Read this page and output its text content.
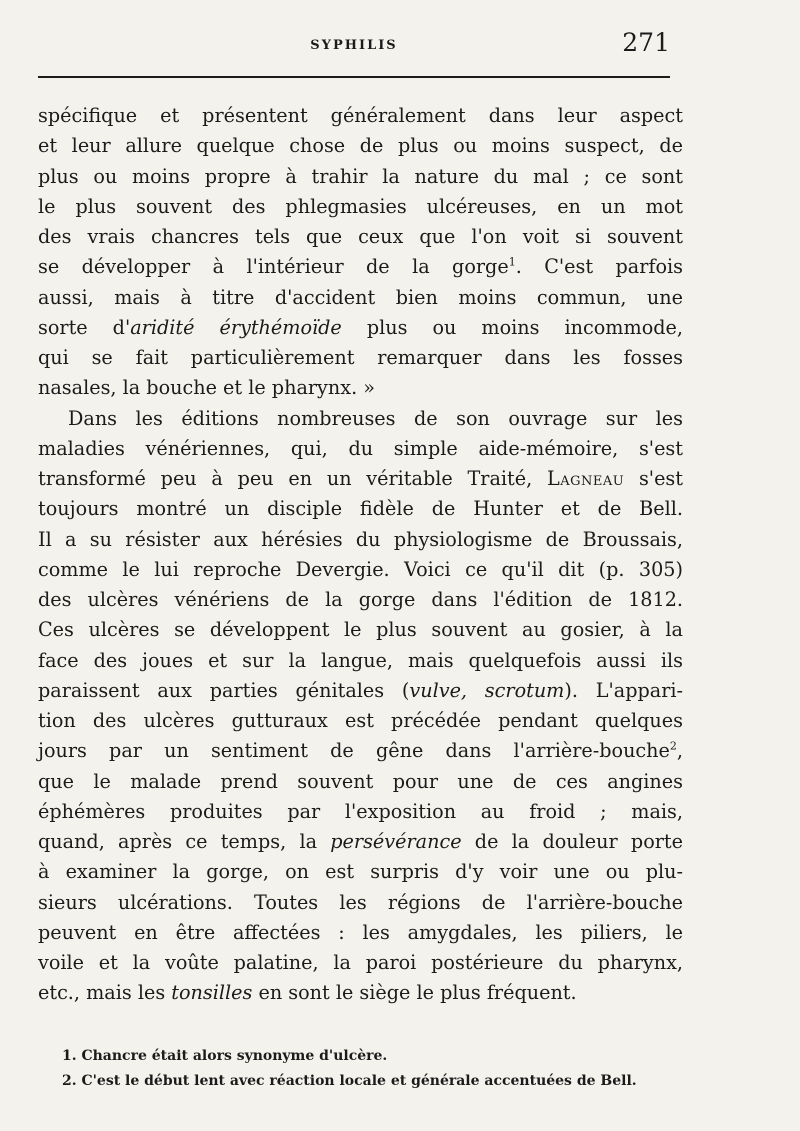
SYPHILIS	271
spécifique et présentent généralement dans leur aspect
et leur allure quelque chose de plus ou moins suspect, de
plus ou moins propre à trahir la nature du mal ; ce sont
le plus souvent des phlegmasies ulcéreuses, en un mot
des vrais chancres tels que ceux que l'on voit si souvent
se développer à l'intérieur de la gorge$^1$. C'est parfois
aussi, mais à titre d'accident bien moins commun, une
sorte d'aridité érythémoïde plus ou moins incommode,
qui se fait particulièrement remarquer dans les fosses
nasales, la bouche et le pharynx. »
Dans les éditions nombreuses de son ouvrage sur les
maladies vénériennes, qui, du simple aide-mémoire, s'est
transformé peu à peu en un véritable Traité, Lagneau s'est
toujours montré un disciple fidèle de Hunter et de Bell.
Il a su résister aux hérésies du physiologisme de Broussais,
comme le lui reproche Devergie. Voici ce qu'il dit (p. 305)
des ulcères vénériens de la gorge dans l'édition de 1812.
Ces ulcères se développent le plus souvent au gosier, à la
face des joues et sur la langue, mais quelquefois aussi ils
paraissent aux parties génitales (vulve, scrotum). L'appari-
tion des ulcères gutturaux est précédée pendant quelques
jours par un sentiment de gêne dans l'arrière-bouche$^2$,
que le malade prend souvent pour une de ces angines
éphémères produites par l'exposition au froid ; mais,
quand, après ce temps, la persévérance de la douleur porte
à examiner la gorge, on est surpris d'y voir une ou plu-
sieurs ulcérations. Toutes les régions de l'arrière-bouche
peuvent en être affectées : les amygdales, les piliers, le
voile et la voûte palatine, la paroi postérieure du pharynx,
etc., mais les tonsilles en sont le siège le plus fréquent.
1. Chancre était alors synonyme d'ulcère.
2. C'est le début lent avec réaction locale et générale accentuées de Bell.
